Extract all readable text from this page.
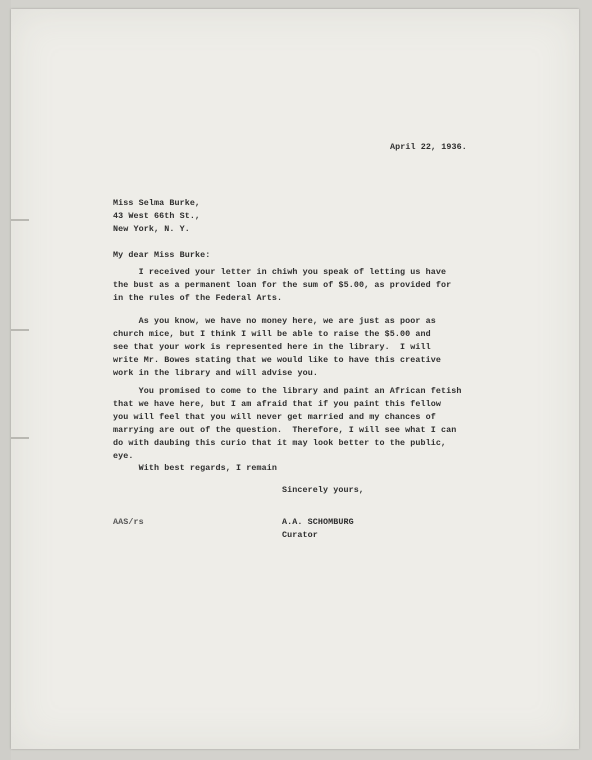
April 22, 1936.
Miss Selma Burke,
43 West 66th St.,
New York, N. Y.
My dear Miss Burke:
I received your letter in chiwh you speak of letting us have
the bust as a permanent loan for the sum of $5.00, as provided for
in the rules of the Federal Arts.
As you know, we have no money here, we are just as poor as
church mice, but I think I will be able to raise the $5.00 and
see that your work is represented here in the library.  I will
write Mr. Bowes stating that we would like to have this creative
work in the library and will advise you.
You promised to come to the library and paint an African fetish
that we have here, but I am afraid that if you paint this fellow
you will feel that you will never get married and my chances of
marrying are out of the question.  Therefore, I will see what I can
do with daubing this curio that it may look better to the public,
eye.
With best regards, I remain
Sincerely yours,
AAS/rs	A.A. SCHOMBURG
Curator
